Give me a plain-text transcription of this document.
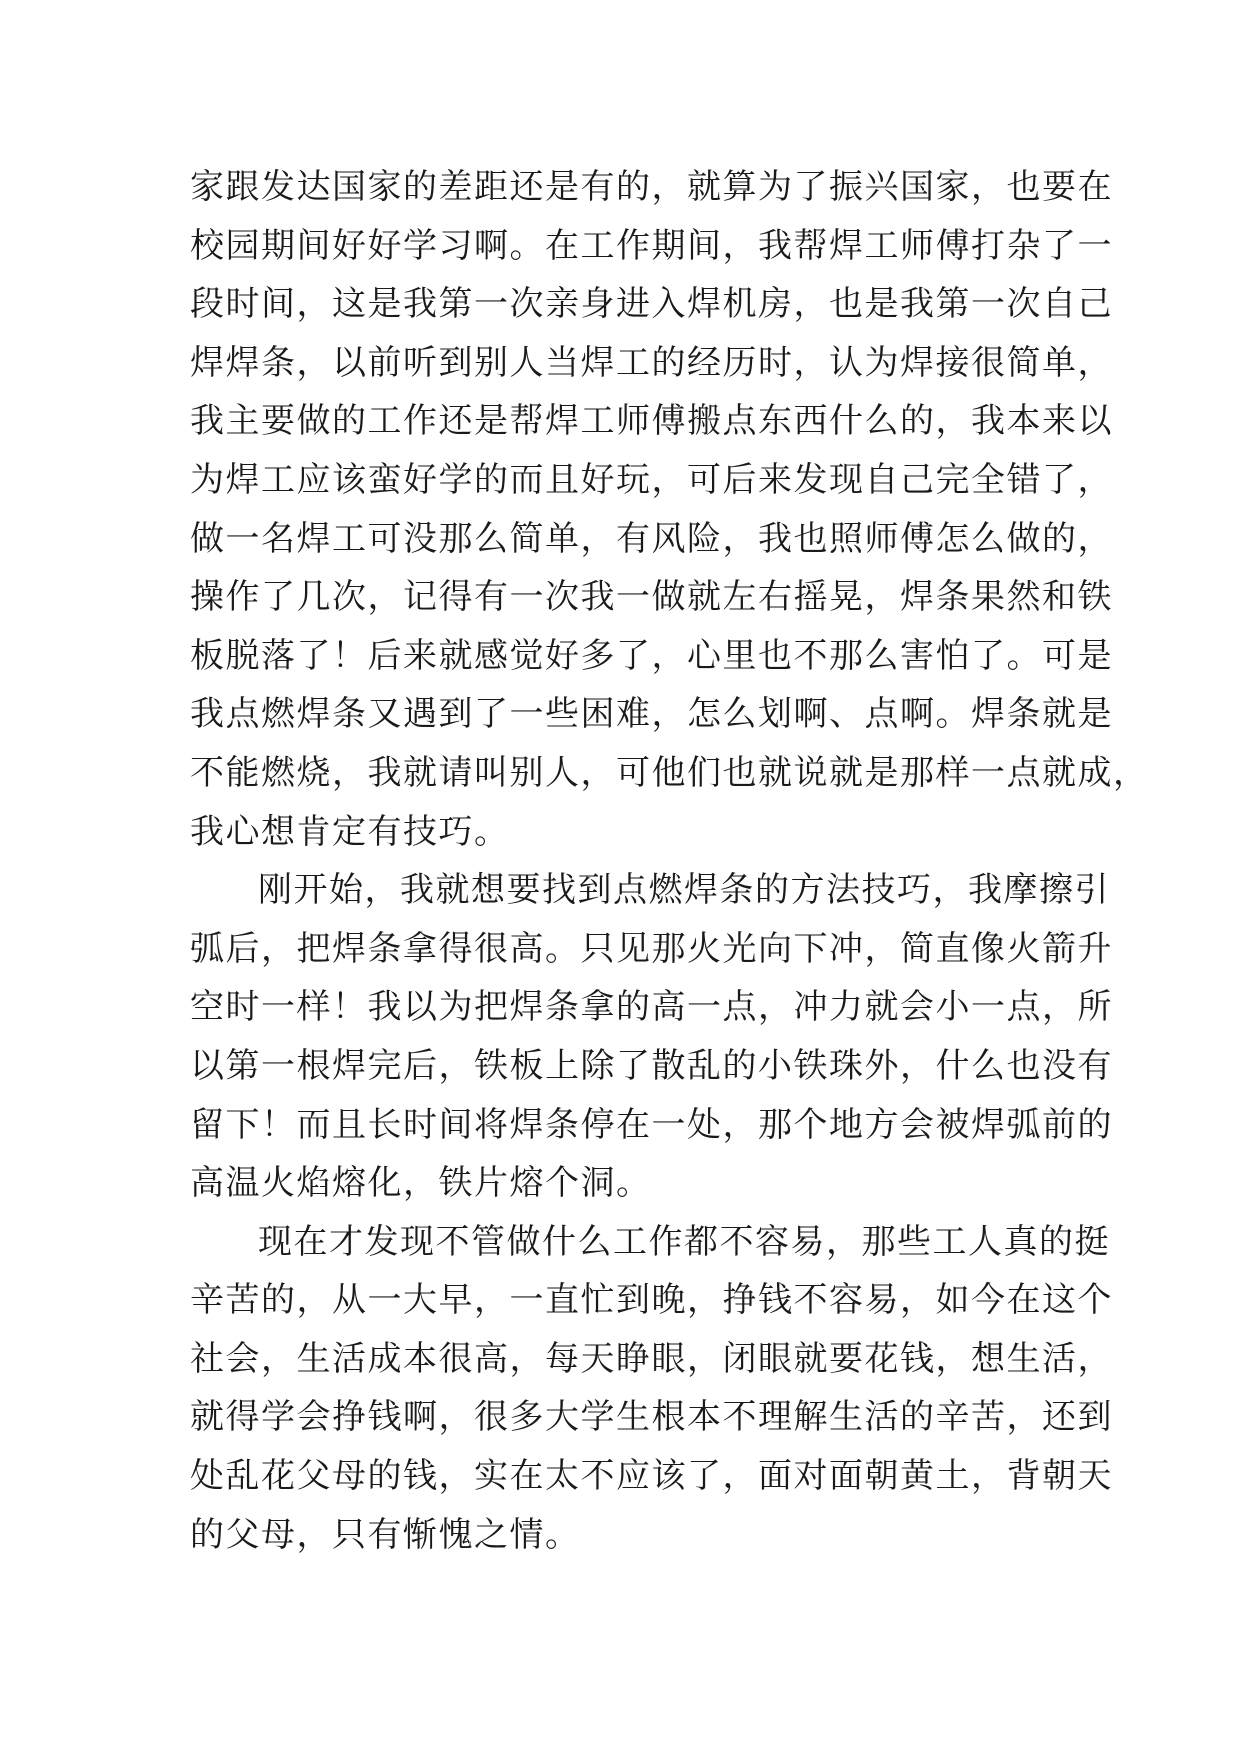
家跟发达国家的差距还是有的，就算为了振兴国家，也要在
校园期间好好学习啊。在工作期间，我帮焊工师傅打杂了一
段时间，这是我第一次亲身进入焊机房，也是我第一次自己
焊焊条，以前听到别人当焊工的经历时，认为焊接很简单，
我主要做的工作还是帮焊工师傅搬点东西什么的，我本来以
为焊工应该蛮好学的而且好玩，可后来发现自己完全错了，
做一名焊工可没那么简单，有风险，我也照师傅怎么做的，
操作了几次，记得有一次我一做就左右摇晃，焊条果然和铁
板脱落了！后来就感觉好多了，心里也不那么害怕了。可是
我点燃焊条又遇到了一些困难，怎么划啊、点啊。焊条就是
不能燃烧，我就请叫别人，可他们也就说就是那样一点就成，
我心想肯定有技巧。
刚开始，我就想要找到点燃焊条的方法技巧，我摩擦引
弧后，把焊条拿得很高。只见那火光向下冲，简直像火箭升
空时一样！我以为把焊条拿的高一点，冲力就会小一点，所
以第一根焊完后，铁板上除了散乱的小铁珠外，什么也没有
留下！而且长时间将焊条停在一处，那个地方会被焊弧前的
高温火焰熔化，铁片熔个洞。
现在才发现不管做什么工作都不容易，那些工人真的挺
辛苦的，从一大早，一直忙到晚，挣钱不容易，如今在这个
社会，生活成本很高，每天睁眼，闭眼就要花钱，想生活，
就得学会挣钱啊，很多大学生根本不理解生活的辛苦，还到
处乱花父母的钱，实在太不应该了，面对面朝黄土，背朝天
的父母，只有惭愧之情。
